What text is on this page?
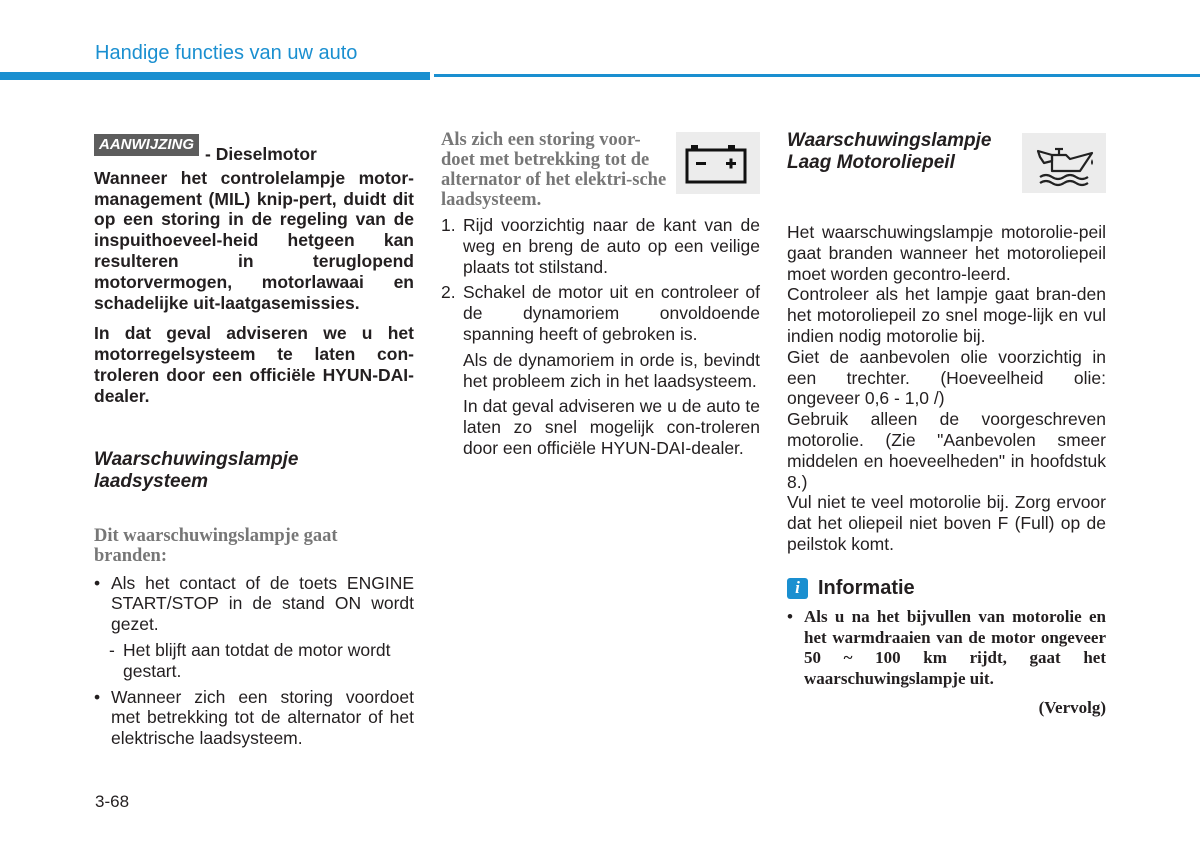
Handige functies van uw auto
AANWIJZING - Dieselmotor

Wanneer het controlelampje motor-management (MIL) knip-pert, duidt dit op een storing in de regeling van de inspuithoeveel-heid hetgeen kan resulteren in teruglopend motorvermogen, motorlawaai en schadelijke uit-laatgasemissies.

In dat geval adviseren we u het motorregelsysteem te laten con-troleren door een officiële HYUN-DAI-dealer.

Waarschuwingslampje laadsysteem
Dit waarschuwingslampje gaat branden:
• Als het contact of de toets ENGINE START/STOP in de stand ON wordt gezet.
- Het blijft aan totdat de motor wordt gestart.
• Wanneer zich een storing voordoet met betrekking tot de alternator of het elektrische laadsysteem.
Als zich een storing voor-doet met betrekking tot de alternator of het elektri-sche laadsysteem.
1. Rijd voorzichtig naar de kant van de weg en breng de auto op een veilige plaats tot stilstand.
2. Schakel de motor uit en controleer of de dynamoriem onvoldoende spanning heeft of gebroken is.
Als de dynamoriem in orde is, bevindt het probleem zich in het laadsysteem.
In dat geval adviseren we u de auto te laten zo snel mogelijk con-troleren door een officiële HYUN-DAI-dealer.
Waarschuwingslampje Laag Motoroliepeil

Het waarschuwingslampje motorolie-peil gaat branden wanneer het motoroliepeil moet worden gecontro-leerd.

Controleer als het lampje gaat bran-den het motoroliepeil zo snel moge-lijk en vul indien nodig motorolie bij.

Giet de aanbevolen olie voorzichtig in een trechter. (Hoeveelheid olie: ongeveer 0,6 - 1,0 /)

Gebruik alleen de voorgeschreven motorolie. (Zie "Aanbevolen smeer middelen en hoeveelheden" in hoofdstuk 8.)

Vul niet te veel motorolie bij. Zorg ervoor dat het oliepeil niet boven F (Full) op de peilstok komt.

i Informatie
• Als u na het bijvullen van motorolie en het warmdraaien van de motor ongeveer 50 ~ 100 km rijdt, gaat het waarschuwingslampje uit.
(Vervolg)
3-68
